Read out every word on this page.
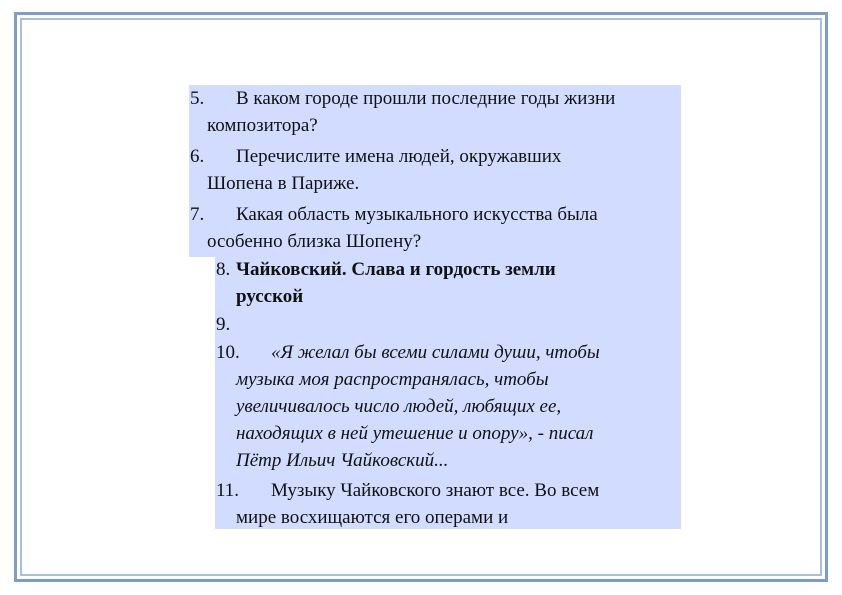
5. В каком городе прошли последние годы жизни
композитора?
6. Перечислите имена людей, окружавших
Шопена в Париже.
7. Какая область музыкального искусства была
особенно близка Шопену?
8. Чайковский. Слава и гордость земли
русской
9.
10. «Я желал бы всеми силами души, чтобы
музыка моя распространялась, чтобы
увеличивалось число людей, любящих ее,
находящих в ней утешение и опору», - писал
Пётр Ильич Чайковский...
11. Музыку Чайковского знают все. Во всем
мире восхищаются его операми и
